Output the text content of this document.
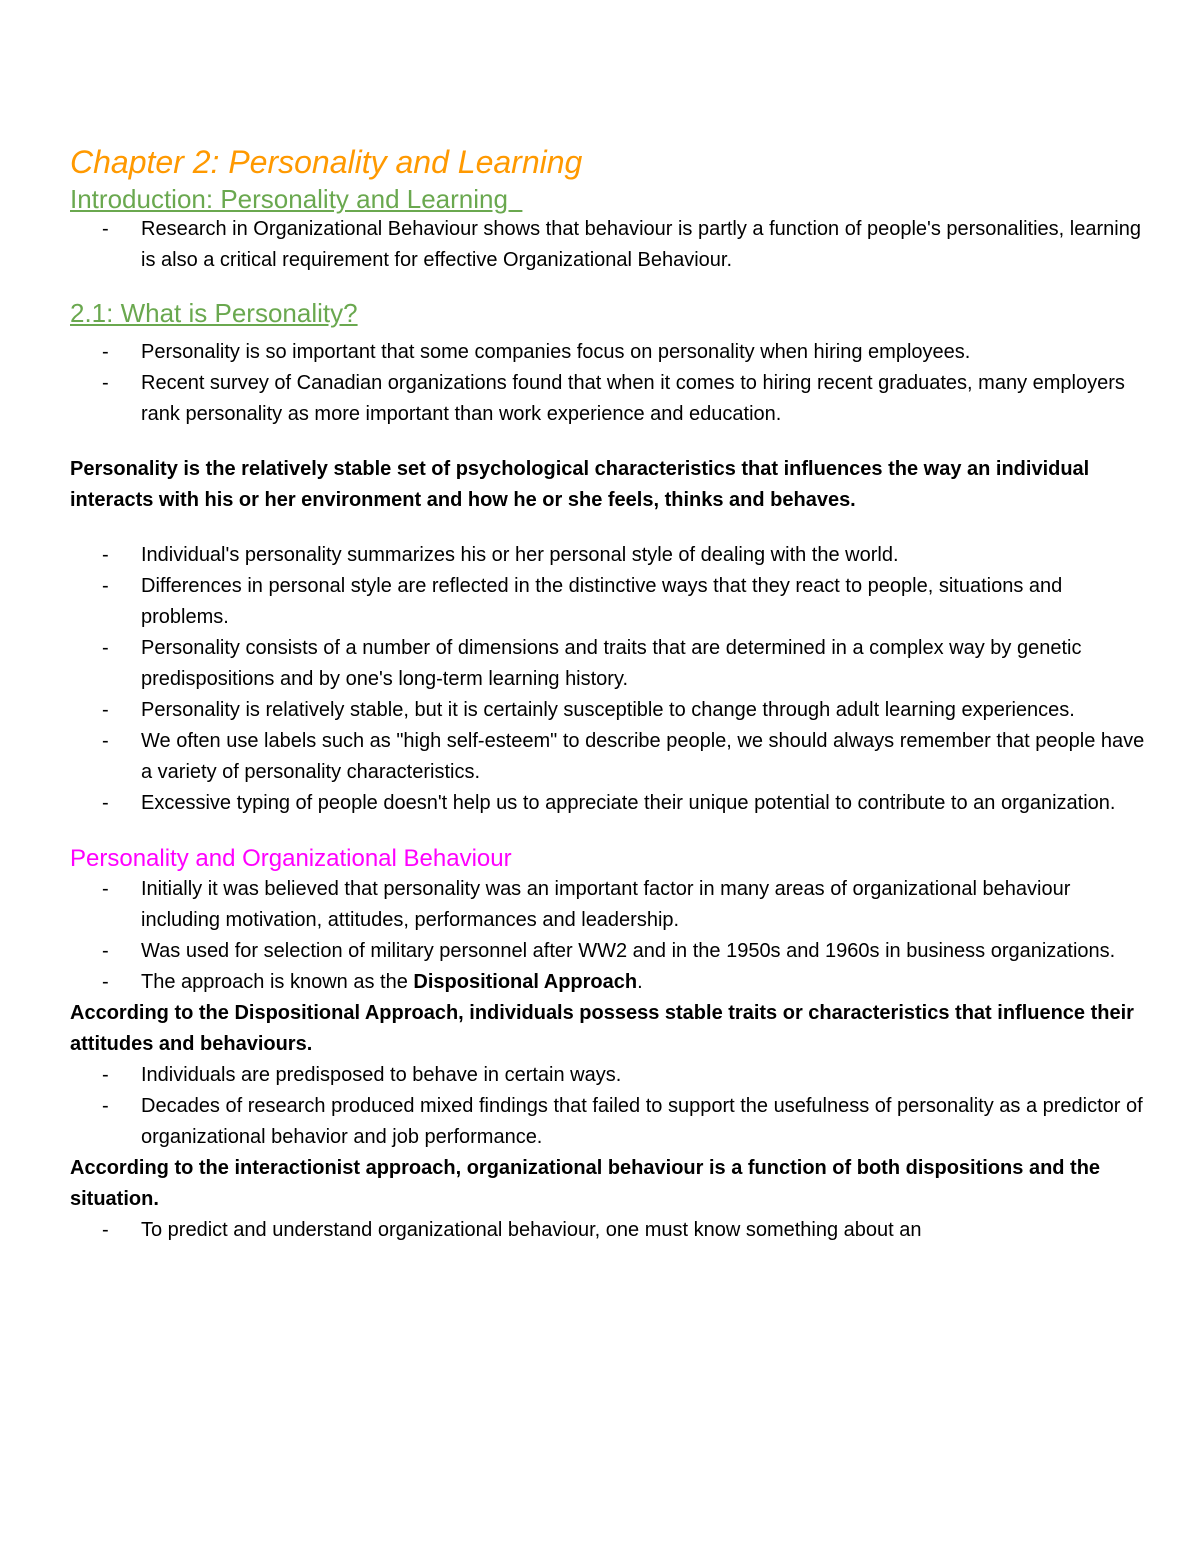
Chapter 2: Personality and Learning
Introduction: Personality and Learning
- Research in Organizational Behaviour shows that behaviour is partly a function of people's personalities, learning is also a critical requirement for effective Organizational Behaviour.
2.1: What is Personality?
- Personality is so important that some companies focus on personality when hiring employees.
- Recent survey of Canadian organizations found that when it comes to hiring recent graduates, many employers rank personality as more important than work experience and education.

Personality is the relatively stable set of psychological characteristics that influences the way an individual interacts with his or her environment and how he or she feels, thinks and behaves.

- Individual's personality summarizes his or her personal style of dealing with the world.
- Differences in personal style are reflected in the distinctive ways that they react to people, situations and problems.
- Personality consists of a number of dimensions and traits that are determined in a complex way by genetic predispositions and by one's long-term learning history.
- Personality is relatively stable, but it is certainly susceptible to change through adult learning experiences.
- We often use labels such as "high self-esteem" to describe people, we should always remember that people have a variety of personality characteristics.
- Excessive typing of people doesn't help us to appreciate their unique potential to contribute to an organization.
Personality and Organizational Behaviour
- Initially it was believed that personality was an important factor in many areas of organizational behaviour including motivation, attitudes, performances and leadership.
- Was used for selection of military personnel after WW2 and in the 1950s and 1960s in business organizations.
- The approach is known as the Dispositional Approach.

According to the Dispositional Approach, individuals possess stable traits or characteristics that influence their attitudes and behaviours.

- Individuals are predisposed to behave in certain ways.
- Decades of research produced mixed findings that failed to support the usefulness of personality as a predictor of organizational behavior and job performance.

According to the interactionist approach, organizational behaviour is a function of both dispositions and the situation.

- To predict and understand organizational behaviour, one must know something about an
